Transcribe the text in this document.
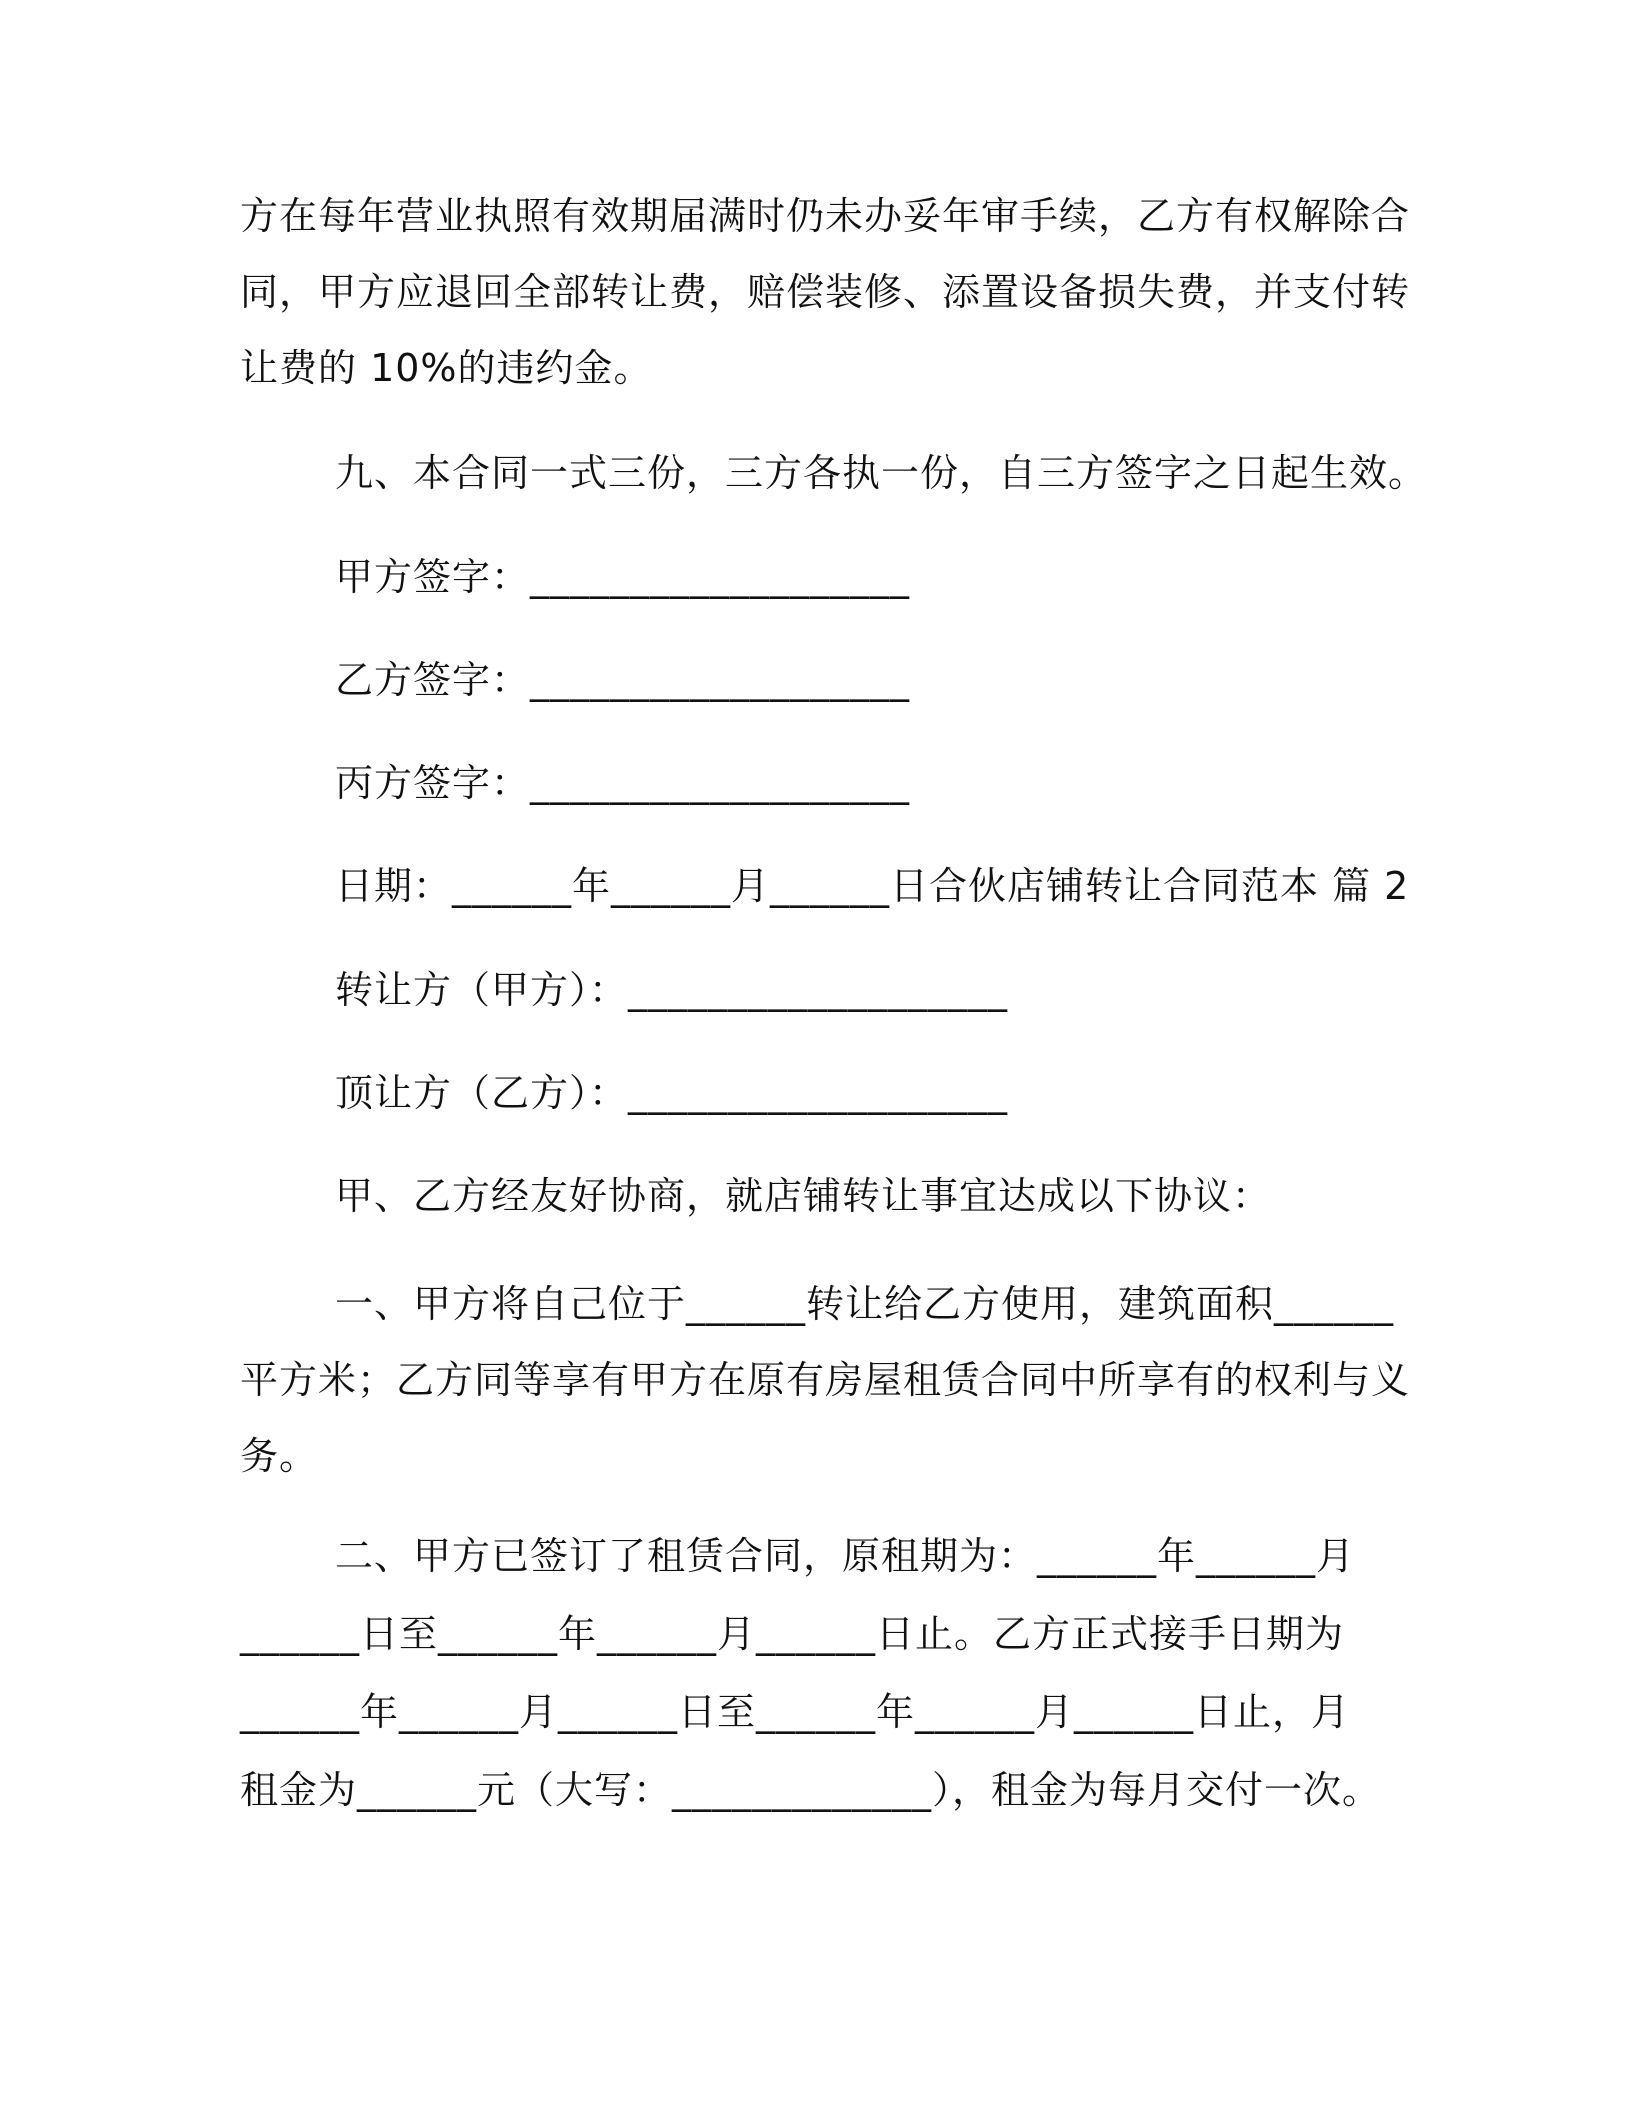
方在每年营业执照有效期届满时仍未办妥年审手续，乙方有权解除合
同，甲方应退回全部转让费，赔偿装修、添置设备损失费，并支付转
让费的 10%的违约金。
九、本合同一式三份，三方各执一份，自三方签字之日起生效。
甲方签字：___________________
乙方签字：___________________
丙方签字：___________________
日期：______年______月______日合伙店铺转让合同范本 篇 2
转让方（甲方）：___________________
顶让方（乙方）：___________________
甲、乙方经友好协商，就店铺转让事宜达成以下协议：
一、甲方将自己位于______转让给乙方使用，建筑面积______
平方米；乙方同等享有甲方在原有房屋租赁合同中所享有的权利与义
务。
二、甲方已签订了租赁合同，原租期为：______年______月
______日至______年______月______日止。乙方正式接手日期为
______年______月______日至______年______月______日止，月
租金为______元（大写：_____________），租金为每月交付一次。
